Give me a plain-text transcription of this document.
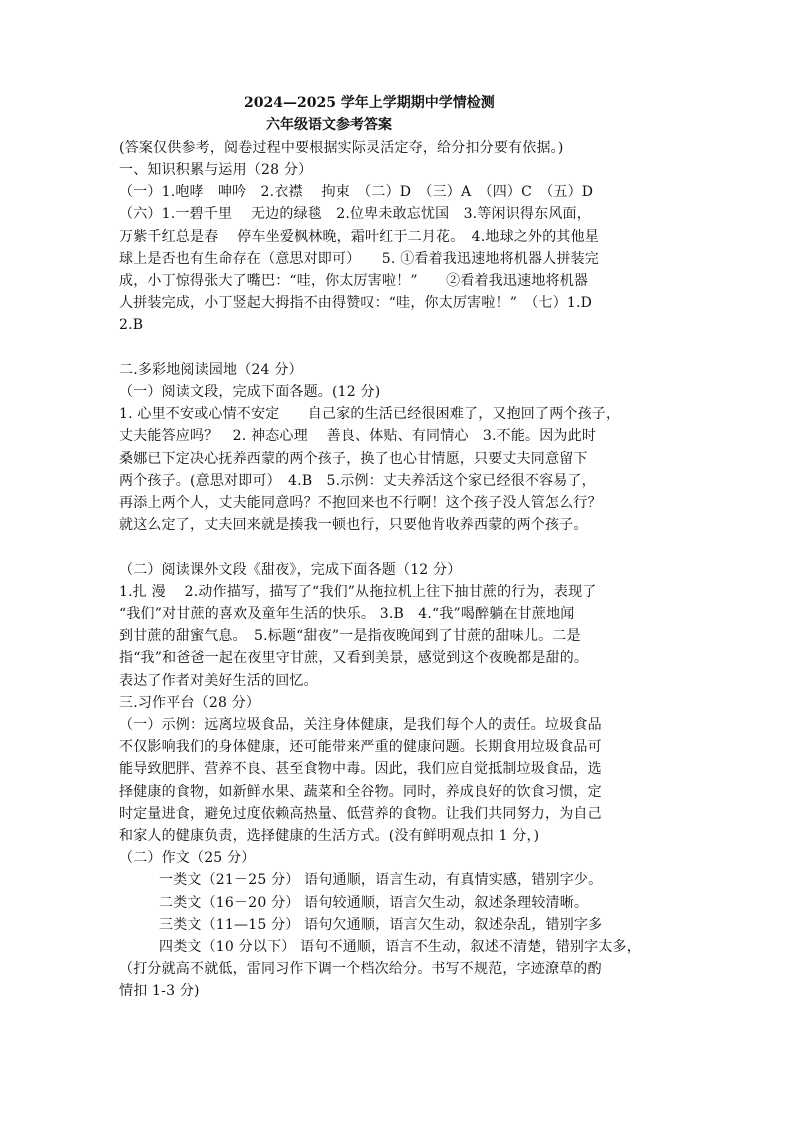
2024—2025 学年上学期期中学情检测
六年级语文参考答案
(答案仅供参考，阅卷过程中要根据实际灵活定夺，给分扣分要有依据。)
一、知识积累与运用（28 分）
（一）1.咆哮　呻吟　2.衣襟　 拘束　（二）D　（三）A　（四）C　（五）D
（六）1.一碧千里　 无边的绿毯　2.位卑未敢忘忧国　3.等闲识得东风面，
万紫千红总是春　 停车坐爱枫林晚，霜叶红于二月花。　4.地球之外的其他星
球上是否也有生命存在（意思对即可）　　5. ①看着我迅速地将机器人拼装完
成，小丁惊得张大了嘴巴：“哇，你太厉害啦！”　　②看着我迅速地将机器
人拼装完成，小丁竖起大拇指不由得赞叹：“哇，你太厉害啦！”　（七）1.D
2.B
二.多彩地阅读园地（24 分）
（一）阅读文段，完成下面各题。(12 分)
1. 心里不安或心情不安定　　自己家的生活已经很困难了，又抱回了两个孩子，
丈夫能答应吗？　2. 神态心理　 善良、体贴、有同情心　3.不能。因为此时
桑娜已下定决心抚养西蒙的两个孩子，换了也心甘情愿，只要丈夫同意留下
两个孩子。(意思对即可）　4.B　5.示例：丈夫养活这个家已经很不容易了，
再添上两个人，丈夫能同意吗？不抱回来也不行啊！这个孩子没人管怎么行？
就这么定了，丈夫回来就是揍我一顿也行，只要他肯收养西蒙的两个孩子。
（二）阅读课外文段《甜夜》，完成下面各题（12 分）
1.扎 漫　 2.动作描写，描写了“我们”从拖拉机上往下抽甘蔗的行为，表现了
“我们”对甘蔗的喜欢及童年生活的快乐。 3.B　4.“我”喝醉躺在甘蔗地闻
到甘蔗的甜蜜气息。　5.标题“甜夜”一是指夜晚闻到了甘蔗的甜味儿。二是
指“我”和爸爸一起在夜里守甘蔗，又看到美景，感觉到这个夜晚都是甜的。
表达了作者对美好生活的回忆。
三.习作平台（28 分）
（一）示例：远离垃圾食品，关注身体健康，是我们每个人的责任。垃圾食品
不仅影响我们的身体健康，还可能带来严重的健康问题。长期食用垃圾食品可
能导致肥胖、营养不良、甚至食物中毒。因此，我们应自觉抵制垃圾食品，选
择健康的食物，如新鲜水果、蔬菜和全谷物。同时，养成良好的饮食习惯，定
时定量进食，避免过度依赖高热量、低营养的食物。让我们共同努力，为自己
和家人的健康负责，选择健康的生活方式。(没有鲜明观点扣 1 分，)
（二）作文（25 分）
一类文（21－25 分） 语句通顺，语言生动，有真情实感，错别字少。
二类文（16－20 分） 语句较通顺，语言欠生动，叙述条理较清晰。
三类文（11—15 分） 语句欠通顺，语言欠生动，叙述杂乱，错别字多
四类文（10 分以下） 语句不通顺，语言不生动，叙述不清楚，错别字太多，
（打分就高不就低，雷同习作下调一个档次给分。书写不规范，字迹潦草的酌
情扣 1-3 分)
